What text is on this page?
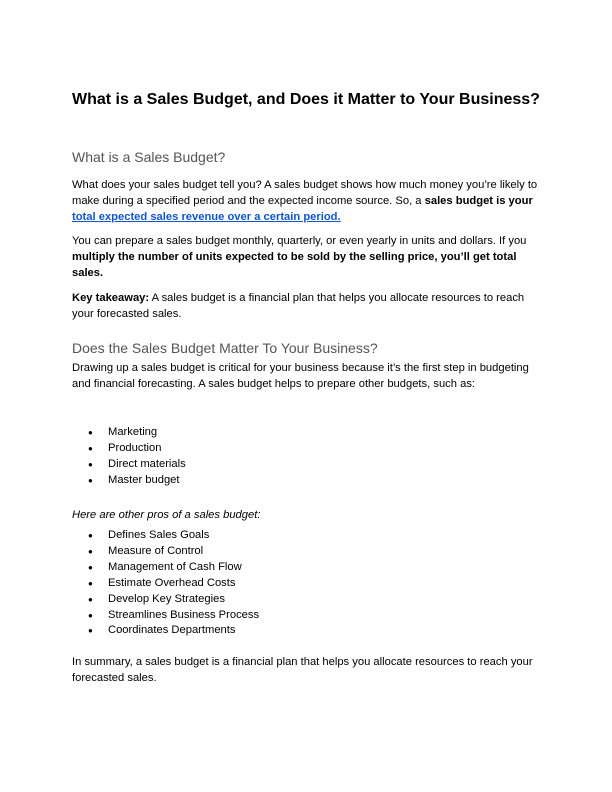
What is a Sales Budget, and Does it Matter to Your Business?
What is a Sales Budget?
What does your sales budget tell you? A sales budget shows how much money you’re likely to make during a specified period and the expected income source. So, a sales budget is your total expected sales revenue over a certain period.
You can prepare a sales budget monthly, quarterly, or even yearly in units and dollars. If you multiply the number of units expected to be sold by the selling price, you’ll get total sales.
Key takeaway: A sales budget is a financial plan that helps you allocate resources to reach your forecasted sales.
Does the Sales Budget Matter To Your Business?
Drawing up a sales budget is critical for your business because it’s the first step in budgeting and financial forecasting. A sales budget helps to prepare other budgets, such as:
● Marketing
● Production
● Direct materials
● Master budget
Here are other pros of a sales budget:
● Defines Sales Goals
● Measure of Control
● Management of Cash Flow
● Estimate Overhead Costs
● Develop Key Strategies
● Streamlines Business Process
● Coordinates Departments
In summary, a sales budget is a financial plan that helps you allocate resources to reach your forecasted sales.
